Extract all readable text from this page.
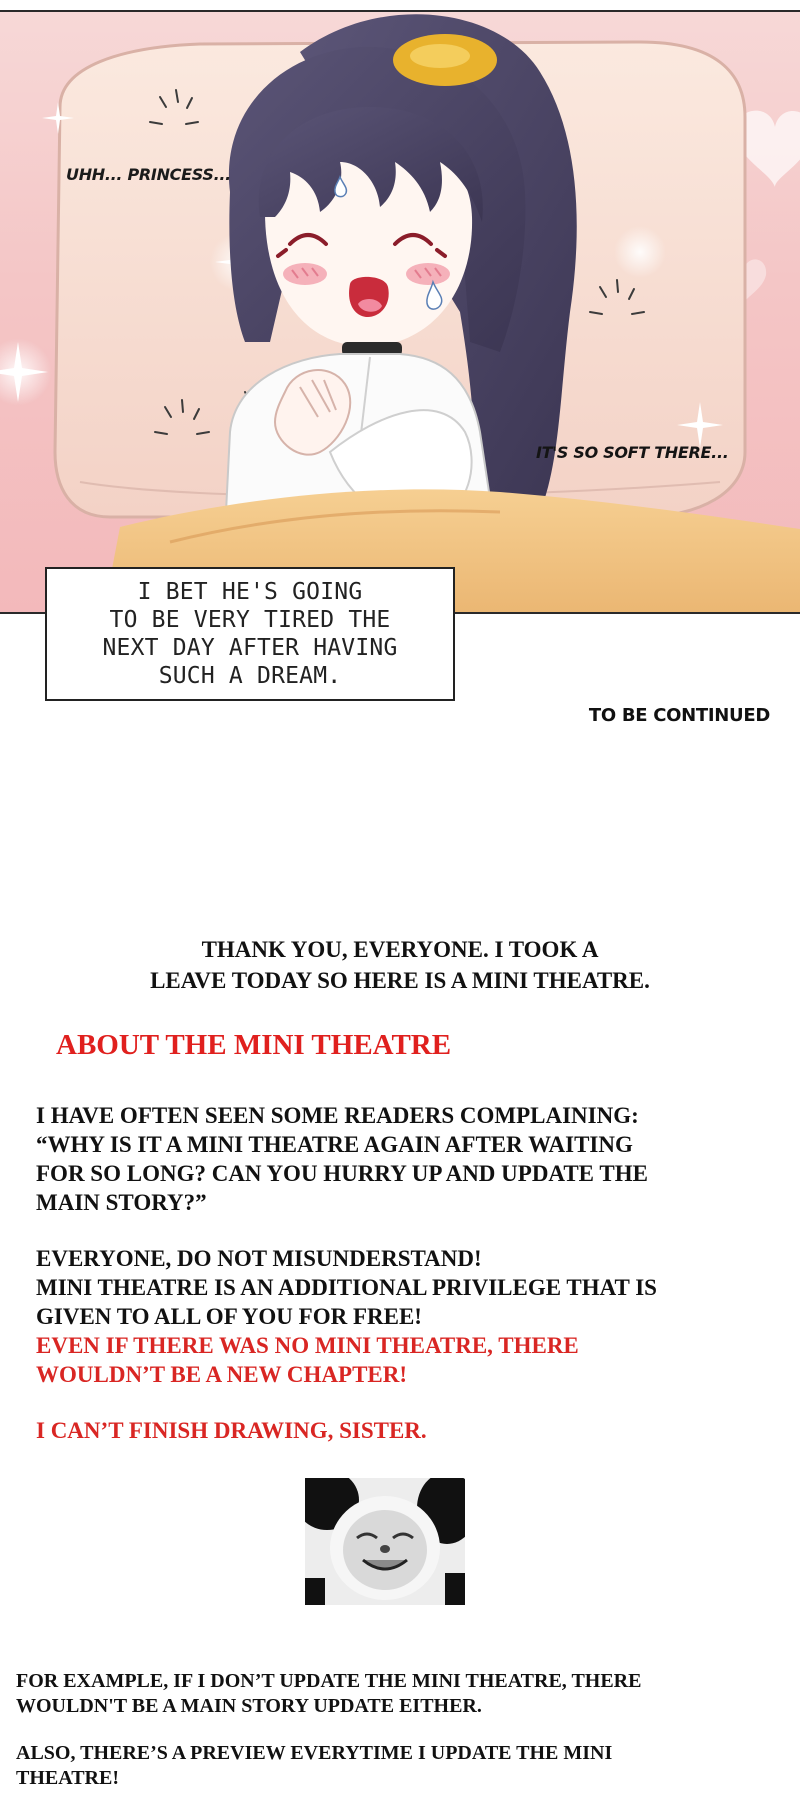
UHH... PRINCESS...
IT'S SO SOFT THERE...
I BET HE'S GOING
TO BE VERY TIRED THE
NEXT DAY AFTER HAVING
SUCH A DREAM.
TO BE CONTINUED
THANK YOU, EVERYONE. I TOOK A
LEAVE TODAY SO HERE IS A MINI THEATRE.
ABOUT THE MINI THEATRE
I HAVE OFTEN SEEN SOME READERS COMPLAINING:
“WHY IS IT A MINI THEATRE AGAIN AFTER WAITING
FOR SO LONG? CAN YOU HURRY UP AND UPDATE THE
MAIN STORY?”
EVERYONE, DO NOT MISUNDERSTAND!
MINI THEATRE IS AN ADDITIONAL PRIVILEGE THAT IS
GIVEN TO ALL OF YOU FOR FREE!
EVEN IF THERE WAS NO MINI THEATRE, THERE
WOULDN’T BE A NEW CHAPTER!
I CAN’T FINISH DRAWING, SISTER.
FOR EXAMPLE, IF I DON’T UPDATE THE MINI THEATRE, THERE
WOULDN'T BE A MAIN STORY UPDATE EITHER.
ALSO, THERE’S A PREVIEW EVERYTIME I UPDATE THE MINI
THEATRE!
